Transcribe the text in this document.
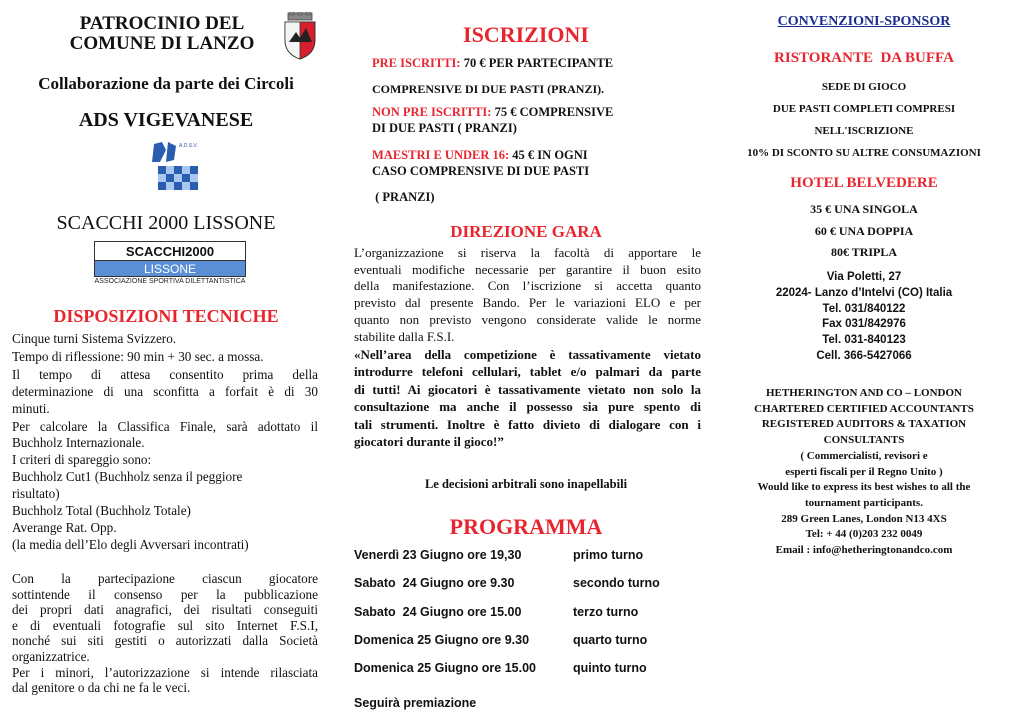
PATROCINIO DEL
COMUNE DI LANZO
Collaborazione da parte dei Circoli
ADS VIGEVANESE
A.D.S.V.
SCACCHI 2000 LISSONE
SCACCHI2000
LISSONE
ASSOCIAZIONE SPORTIVA DILETTANTISTICA
DISPOSIZIONI TECNICHE
Cinque turni Sistema Svizzero.
Tempo di riflessione: 90 min + 30 sec. a mossa.
Il tempo di attesa consentito prima della
determinazione di una sconfitta a forfait è di 30
minuti.
Per calcolare la Classifica Finale, sarà adottato il
Buchholz Internazionale.
I criteri di spareggio sono:
Buchholz Cut1 (Buchholz senza il peggiore
risultato)
Buchholz Total (Buchholz Totale)
Averange Rat. Opp.
(la media dell’Elo degli Avversari incontrati)
Con la partecipazione ciascun giocatore
sottintende il consenso per la pubblicazione
dei propri dati anagrafici, dei risultati conseguiti
e di eventuali fotografie sul sito Internet F.S.I,
nonché sui siti gestiti o autorizzati dalla Società
organizzatrice.
Per i minori, l’autorizzazione si intende rilasciata
dal genitore o da chi ne fa le veci.
ISCRIZIONI
PRE ISCRITTI: 70 € PER PARTECIPANTE
COMPRENSIVE DI DUE PASTI (PRANZI).
NON PRE ISCRITTI: 75 € COMPRENSIVE
DI DUE PASTI ( PRANZI)
MAESTRI E UNDER 16: 45 € IN OGNI
CASO COMPRENSIVE DI DUE PASTI
( PRANZI)
DIREZIONE GARA
L’organizzazione si riserva la facoltà di apportare le
eventuali modifiche necessarie per garantire il buon esito
della manifestazione. Con l’iscrizione si accetta quanto
previsto dal presente Bando. Per le variazioni ELO e per
quanto non previsto vengono considerate valide le norme
stabilite dalla F.S.I.
«Nell’area della competizione è tassativamente vietato
introdurre telefoni cellulari, tablet e/o palmari da parte
di tutti! Ai giocatori è tassativamente vietato non solo la
consultazione ma anche il possesso sia pure spento di
tali strumenti. Inoltre è fatto divieto di dialogare con i
giocatori durante il gioco!”
Le decisioni arbitrali sono inapellabili
PROGRAMMA
Venerdì 23 Giugno ore 19,30	primo turno
Sabato  24 Giugno ore 9.30	secondo turno
Sabato  24 Giugno ore 15.00	terzo turno
Domenica 25 Giugno ore 9.30	quarto turno
Domenica 25 Giugno ore 15.00	quinto turno
Seguirà premiazione
CONVENZIONI-SPONSOR
RISTORANTE  DA BUFFA
SEDE DI GIOCO
DUE PASTI COMPLETI COMPRESI
NELL'ISCRIZIONE
10% DI SCONTO SU ALTRE CONSUMAZIONI
HOTEL BELVEDERE
35 € UNA SINGOLA
60 € UNA DOPPIA
80€ TRIPLA
Via Poletti, 27
22024- Lanzo d’Intelvi (CO) Italia
Tel. 031/840122
Fax 031/842976
Tel. 031-840123
Cell. 366-5427066
HETHERINGTON AND CO – LONDON
CHARTERED CERTIFIED ACCOUNTANTS
REGISTERED AUDITORS & TAXATION
CONSULTANTS
( Commercialisti, revisori e
esperti fiscali per il Regno Unito )
Would like to express its best wishes to all the
tournament participants.
289 Green Lanes, London N13 4XS
Tel: + 44 (0)203 232 0049
Email : info@hetheringtonandco.com
